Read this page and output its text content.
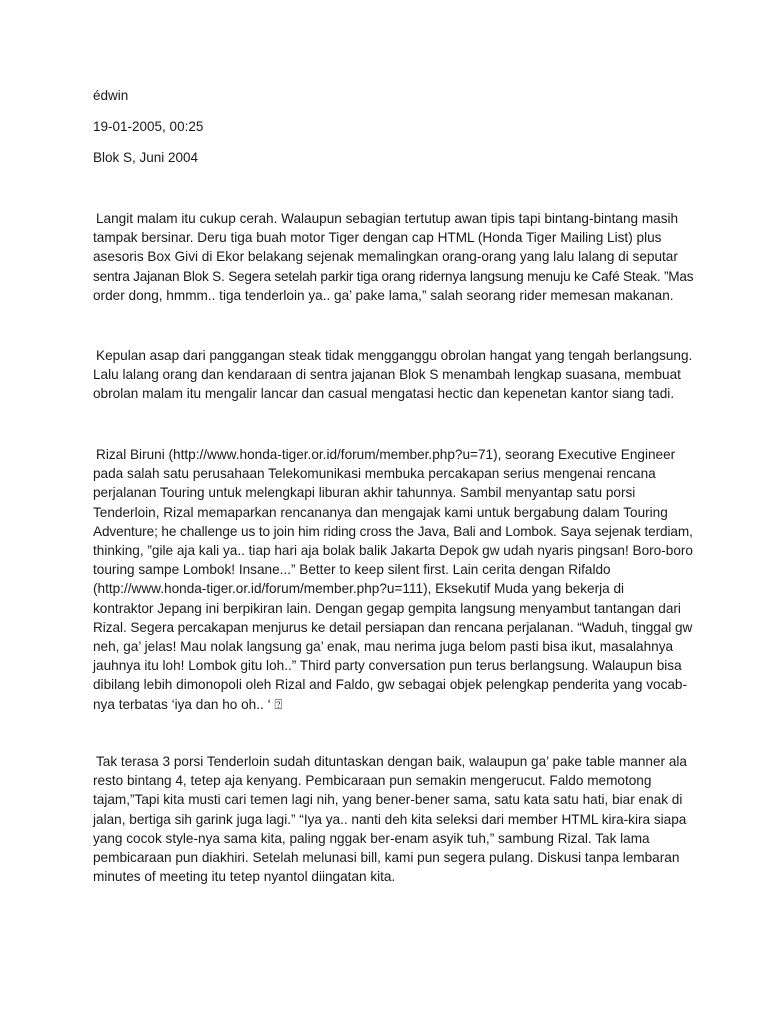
édwin
19-01-2005, 00:25
Blok S, Juni 2004
Langit malam itu cukup cerah. Walaupun sebagian tertutup awan tipis tapi bintang-bintang masih
tampak bersinar. Deru tiga buah motor Tiger dengan cap HTML (Honda Tiger Mailing List) plus
asesoris Box Givi di Ekor belakang sejenak memalingkan orang-orang yang lalu lalang di seputar
sentra Jajanan Blok S. Segera setelah parkir tiga orang ridernya langsung menuju ke Café Steak. ”Mas
order dong, hmmm.. tiga tenderloin ya.. ga’ pake lama,” salah seorang rider memesan makanan.
Kepulan asap dari panggangan steak tidak mengganggu obrolan hangat yang tengah berlangsung.
Lalu lalang orang dan kendaraan di sentra jajanan Blok S menambah lengkap suasana, membuat
obrolan malam itu mengalir lancar dan casual mengatasi hectic dan kepenetan kantor siang tadi.
Rizal Biruni (http://www.honda-tiger.or.id/forum/member.php?u=71), seorang Executive Engineer
pada salah satu perusahaan Telekomunikasi membuka percakapan serius mengenai rencana
perjalanan Touring untuk melengkapi liburan akhir tahunnya. Sambil menyantap satu porsi
Tenderloin, Rizal memaparkan rencananya dan mengajak kami untuk bergabung dalam Touring
Adventure; he challenge us to join him riding cross the Java, Bali and Lombok. Saya sejenak terdiam,
thinking, ”gile aja kali ya.. tiap hari aja bolak balik Jakarta Depok gw udah nyaris pingsan! Boro-boro
touring sampe Lombok! Insane...” Better to keep silent first. Lain cerita dengan Rifaldo
(http://www.honda-tiger.or.id/forum/member.php?u=111), Eksekutif Muda yang bekerja di
kontraktor Jepang ini berpikiran lain. Dengan gegap gempita langsung menyambut tantangan dari
Rizal. Segera percakapan menjurus ke detail persiapan dan rencana perjalanan. “Waduh, tinggal gw
neh, ga’ jelas! Mau nolak langsung ga’ enak, mau nerima juga belom pasti bisa ikut, masalahnya
jauhnya itu loh! Lombok gitu loh..” Third party conversation pun terus berlangsung. Walaupun bisa
dibilang lebih dimonopoli oleh Rizal and Faldo, gw sebagai objek pelengkap penderita yang vocab-
nya terbatas ‘iya dan ho oh.. ‘ ⍰
Tak terasa 3 porsi Tenderloin sudah dituntaskan dengan baik, walaupun ga’ pake table manner ala
resto bintang 4, tetep aja kenyang. Pembicaraan pun semakin mengerucut. Faldo memotong
tajam,”Tapi kita musti cari temen lagi nih, yang bener-bener sama, satu kata satu hati, biar enak di
jalan, bertiga sih garink juga lagi.” “Iya ya.. nanti deh kita seleksi dari member HTML kira-kira siapa
yang cocok style-nya sama kita, paling nggak ber-enam asyik tuh,” sambung Rizal. Tak lama
pembicaraan pun diakhiri. Setelah melunasi bill, kami pun segera pulang. Diskusi tanpa lembaran
minutes of meeting itu tetep nyantol diingatan kita.
